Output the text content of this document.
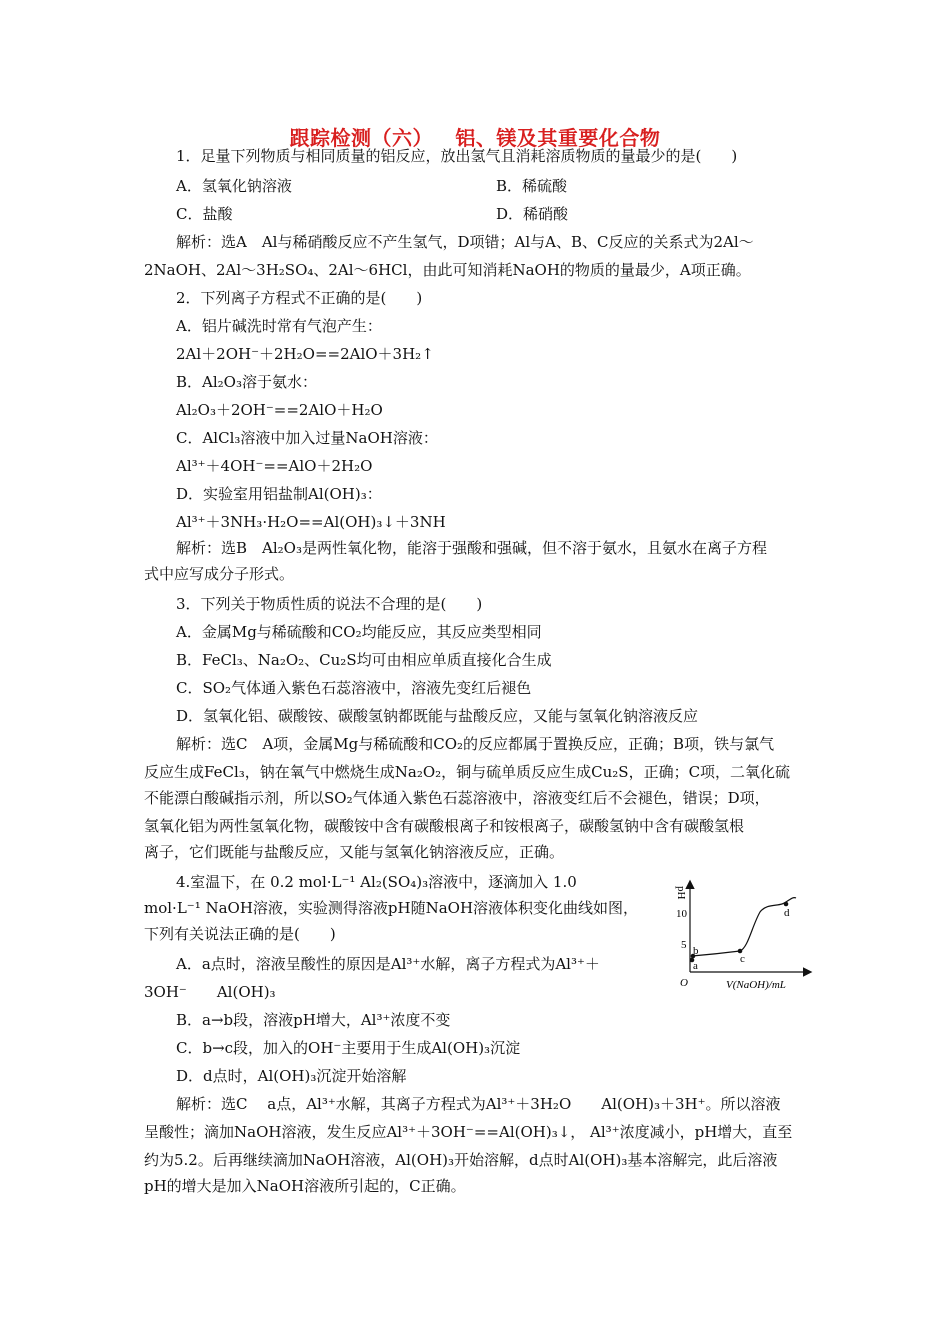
跟踪检测（六）   铝、镁及其重要化合物
1．足量下列物质与相同质量的铝反应，放出氢气且消耗溶质物质的量最少的是(　　)
A．氢氧化钠溶液	B．稀硫酸
C．盐酸	D．稀硝酸
解析：选A　Al与稀硝酸反应不产生氢气，D项错；Al与A、B、C反应的关系式为2Al～
2NaOH、2Al～3H₂SO₄、2Al～6HCl，由此可知消耗NaOH的物质的量最少，A项正确。
2．下列离子方程式不正确的是(　　)
A．铝片碱洗时常有气泡产生：
2Al＋2OH⁻＋2H₂O==2AlO＋3H₂↑
B．Al₂O₃溶于氨水：
Al₂O₃＋2OH⁻==2AlO＋H₂O
C．AlCl₃溶液中加入过量NaOH溶液：
Al³⁺＋4OH⁻==AlO＋2H₂O
D．实验室用铝盐制Al(OH)₃：
Al³⁺＋3NH₃·H₂O==Al(OH)₃↓＋3NH
解析：选B　Al₂O₃是两性氧化物，能溶于强酸和强碱，但不溶于氨水，且氨水在离子方程
式中应写成分子形式。
3．下列关于物质性质的说法不合理的是(　　)
A．金属Mg与稀硫酸和CO₂均能反应，其反应类型相同
B．FeCl₃、Na₂O₂、Cu₂S均可由相应单质直接化合生成
C．SO₂气体通入紫色石蕊溶液中，溶液先变红后褪色
D．氢氧化铝、碳酸铵、碳酸氢钠都既能与盐酸反应，又能与氢氧化钠溶液反应
解析：选C　A项，金属Mg与稀硫酸和CO₂的反应都属于置换反应，正确；B项，铁与氯气
反应生成FeCl₃，钠在氧气中燃烧生成Na₂O₂，铜与硫单质反应生成Cu₂S，正确；C项，二氧化硫
不能漂白酸碱指示剂，所以SO₂气体通入紫色石蕊溶液中，溶液变红后不会褪色，错误；D项，
氢氧化铝为两性氢氧化物，碳酸铵中含有碳酸根离子和铵根离子，碳酸氢钠中含有碳酸氢根
离子，它们既能与盐酸反应，又能与氢氧化钠溶液反应，正确。
4.室温下，在 0.2 mol·L⁻¹ Al₂(SO₄)₃溶液中，逐滴加入 1.0
mol·L⁻¹ NaOH溶液，实验测得溶液pH随NaOH溶液体积变化曲线如图，
下列有关说法正确的是(　　)
A．a点时，溶液呈酸性的原因是Al³⁺水解，离子方程式为Al³⁺＋
3OH⁻　　Al(OH)₃
B．a→b段，溶液pH增大，Al³⁺浓度不变
C．b→c段，加入的OH⁻主要用于生成Al(OH)₃沉淀
D．d点时，Al(OH)₃沉淀开始溶解
解析：选C　 a点，Al³⁺水解，其离子方程式为Al³⁺＋3H₂O　　Al(OH)₃＋3H⁺。所以溶液
呈酸性；滴加NaOH溶液，发生反应Al³⁺＋3OH⁻==Al(OH)₃↓， Al³⁺浓度减小，pH增大，直至
约为5.2。后再继续滴加NaOH溶液，Al(OH)₃开始溶解，d点时Al(OH)₃基本溶解完，此后溶液
pH的增大是加入NaOH溶液所引起的，C正确。
pH
10
5
O	V(NaOH)/mL
a
b
c
d
